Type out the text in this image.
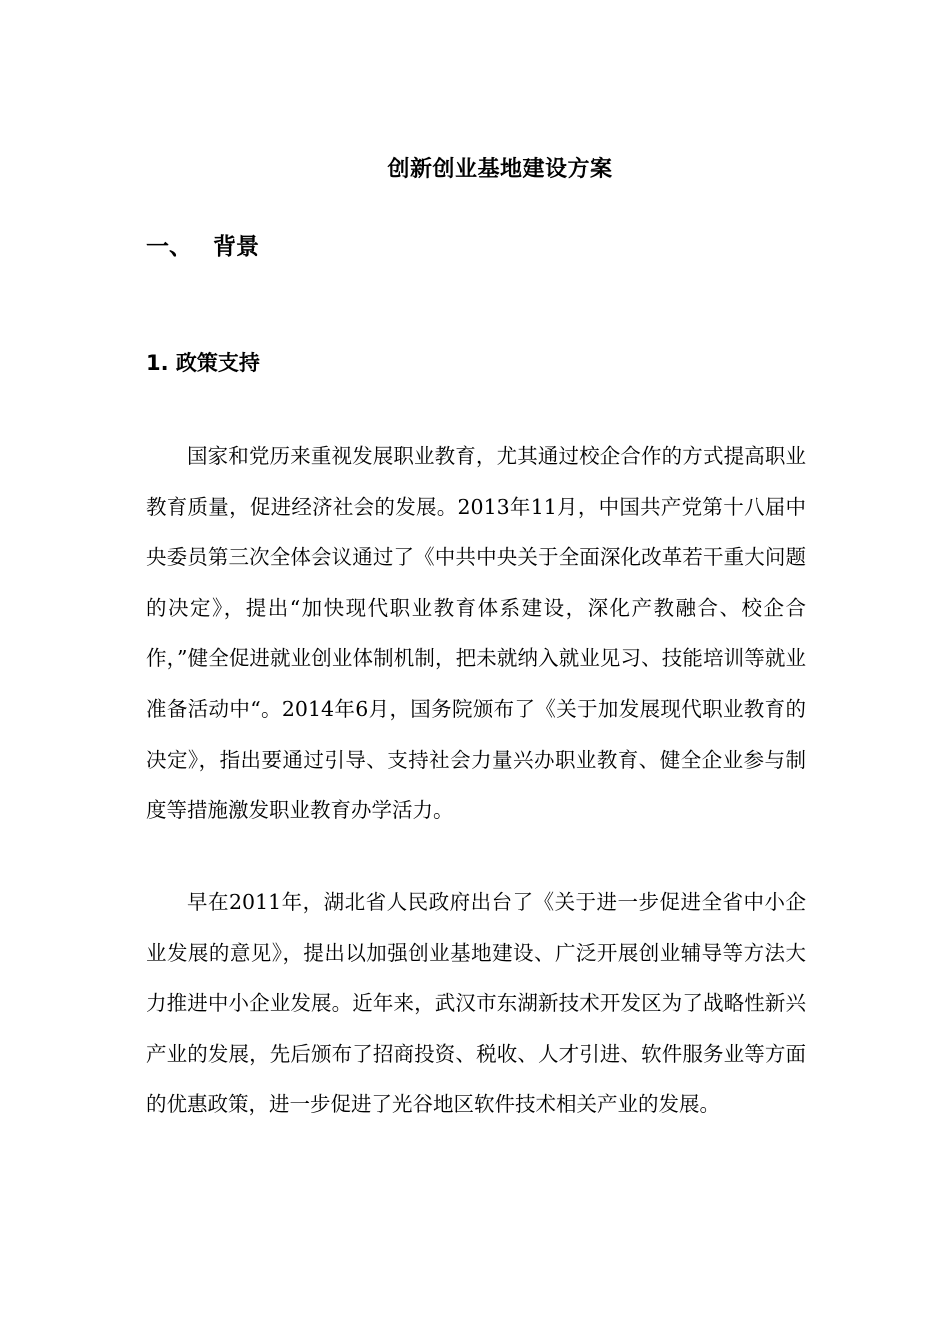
创新创业基地建设方案
一、 背景
1. 政策支持

国家和党历来重视发展职业教育，尤其通过校企合作的方式提高职业教育质量，促进经济社会的发展。2013年11月，中国共产党第十八届中央委员第三次全体会议通过了《中共中央关于全面深化改革若干重大问题的决定》，提出“加快现代职业教育体系建设，深化产教融合、校企合作，”健全促进就业创业体制机制，把未就纳入就业见习、技能培训等就业准备活动中“。2014年6月，国务院颁布了《关于加发展现代职业教育的决定》，指出要通过引导、支持社会力量兴办职业教育、健全企业参与制度等措施激发职业教育办学活力。

早在2011年，湖北省人民政府出台了《关于进一步促进全省中小企业发展的意见》，提出以加强创业基地建设、广泛开展创业辅导等方法大力推进中小企业发展。近年来，武汉市东湖新技术开发区为了战略性新兴产业的发展，先后颁布了招商投资、税收、人才引进、软件服务业等方面的优惠政策，进一步促进了光谷地区软件技术相关产业的发展。
